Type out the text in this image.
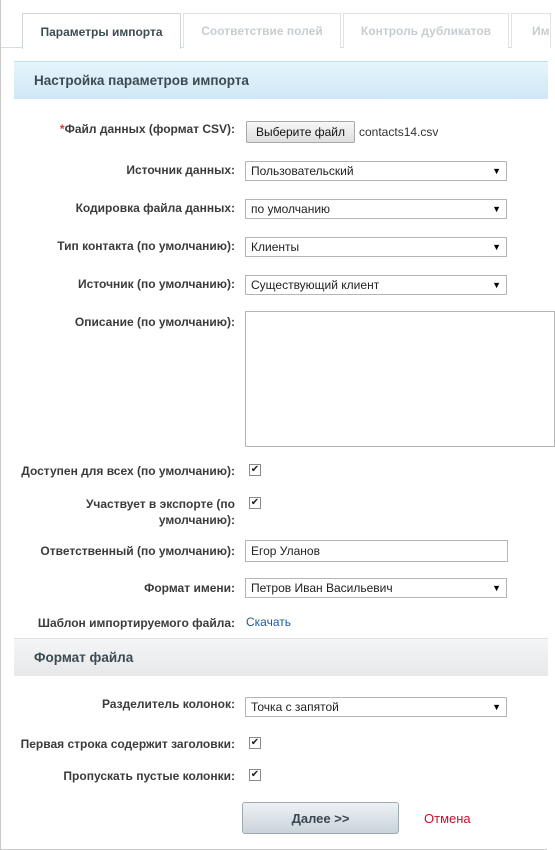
Параметры импорта	Соответствие полей	Контроль дубликатов	Им
Настройка параметров импорта
*Файл данных (формат CSV):	Выберите файл	contacts14.csv
Источник данных: Пользовательский	▼
Кодировка файла данных: по умолчанию	▼
Тип контакта (по умолчанию): Клиенты	▼
Источник (по умолчанию): Существующий клиент	▼
Описание (по умолчанию):
Доступен для всех (по умолчанию): ✔
Участвует в экспорте (по умолчанию):
✔
Ответственный (по умолчанию):	Егор Уланов
Формат имени: Петров Иван Васильевич	▼
Шаблон импортируемого файла: Скачать
Формат файла
Разделитель колонок: Точка с запятой	▼
Первая строка содержит заголовки: ✔
Пропускать пустые колонки: ✔
Далее >>	Отмена
